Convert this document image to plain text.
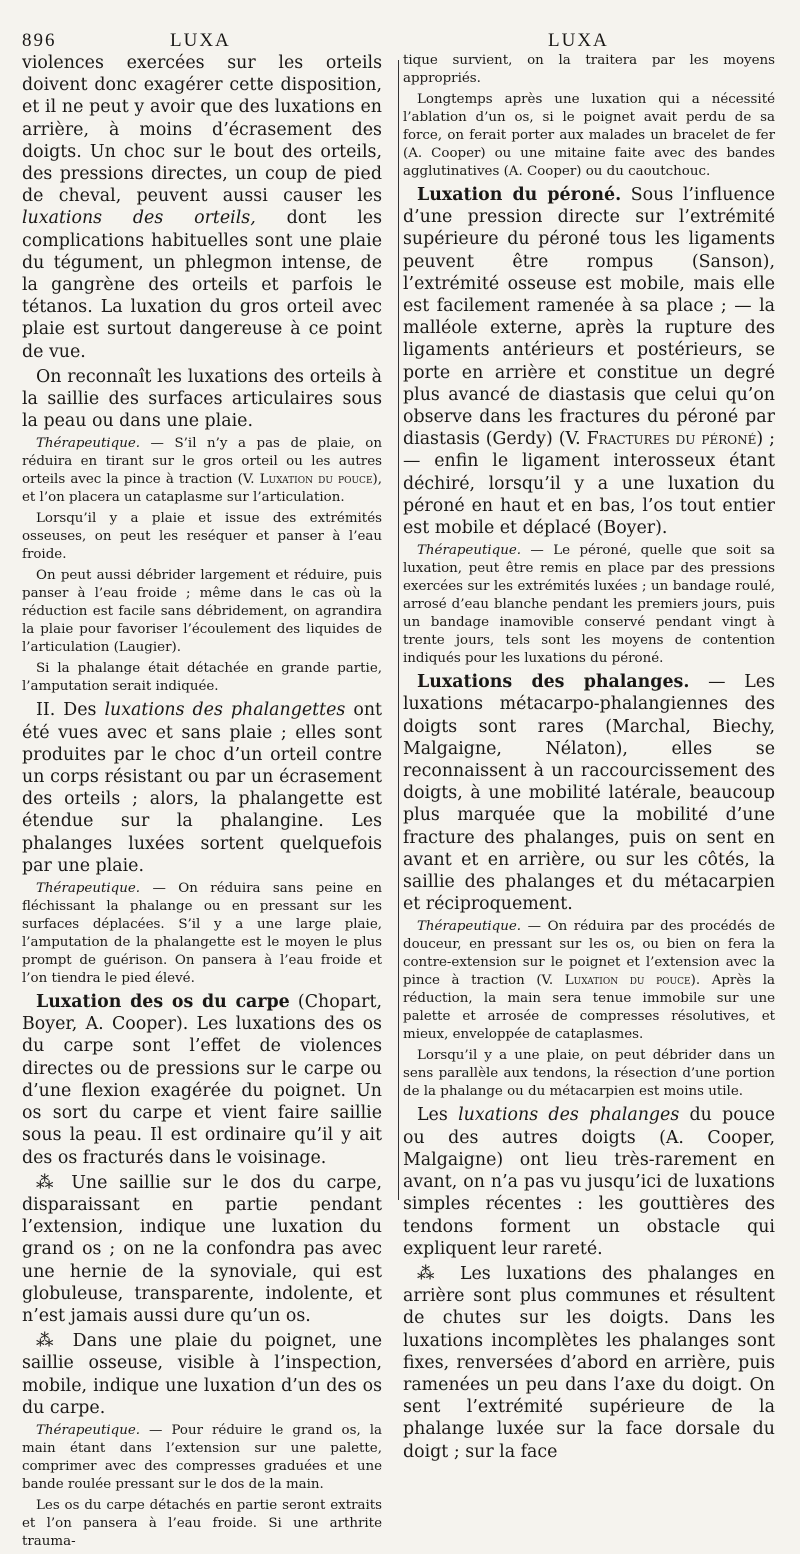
896	LUXA	LUXA

violences exercées sur les orteils doivent donc exagérer cette disposition, et il ne peut y avoir que des luxations en arrière, à moins d’écrasement des doigts. Un choc sur le bout des orteils, des pressions directes, un coup de pied de cheval, peuvent aussi causer les luxations des orteils, dont les complications habituelles sont une plaie du tégument, un phlegmon intense, de la gangrène des orteils et parfois le tétanos. La luxation du gros orteil avec plaie est surtout dangereuse à ce point de vue.

On reconnaît les luxations des orteils à la saillie des surfaces articulaires sous la peau ou dans une plaie.

Thérapeutique. — S’il n’y a pas de plaie, on réduira en tirant sur le gros orteil ou les autres orteils avec la pince à traction (V. Luxation du pouce), et l’on placera un cataplasme sur l’articulation.

Lorsqu’il y a plaie et issue des extrémités osseuses, on peut les reséquer et panser à l’eau froide.

On peut aussi débrider largement et réduire, puis panser à l’eau froide ; même dans le cas où la réduction est facile sans débridement, on agrandira la plaie pour favoriser l’écoulement des liquides de l’articulation (Laugier).

Si la phalange était détachée en grande partie, l’amputation serait indiquée.

II. Des luxations des phalangettes ont été vues avec et sans plaie ; elles sont produites par le choc d’un orteil contre un corps résistant ou par un écrasement des orteils ; alors, la phalangette est étendue sur la phalangine. Les phalanges luxées sortent quelquefois par une plaie.

Thérapeutique. — On réduira sans peine en fléchissant la phalange ou en pressant sur les surfaces déplacées. S’il y a une large plaie, l’amputation de la phalangette est le moyen le plus prompt de guérison. On pansera à l’eau froide et l’on tiendra le pied élevé.

Luxation des os du carpe (Chopart, Boyer, A. Cooper). Les luxations des os du carpe sont l’effet de violences directes ou de pressions sur le carpe ou d’une flexion exagérée du poignet. Un os sort du carpe et vient faire saillie sous la peau. Il est ordinaire qu’il y ait des os fracturés dans le voisinage.

⁂ Une saillie sur le dos du carpe, disparaissant en partie pendant l’extension, indique une luxation du grand os ; on ne la confondra pas avec une hernie de la synoviale, qui est globuleuse, transparente, indolente, et n’est jamais aussi dure qu’un os.

⁂ Dans une plaie du poignet, une saillie osseuse, visible à l’inspection, mobile, indique une luxation d’un des os du carpe.

Thérapeutique. — Pour réduire le grand os, la main étant dans l’extension sur une palette, comprimer avec des compresses graduées et une bande roulée pressant sur le dos de la main.

Les os du carpe détachés en partie seront extraits et l’on pansera à l’eau froide. Si une arthrite trauma-

tique survient, on la traitera par les moyens appropriés.

Longtemps après une luxation qui a nécessité l’ablation d’un os, si le poignet avait perdu de sa force, on ferait porter aux malades un bracelet de fer (A. Cooper) ou une mitaine faite avec des bandes agglutinatives (A. Cooper) ou du caoutchouc.

Luxation du péroné. Sous l’influence d’une pression directe sur l’extrémité supérieure du péroné tous les ligaments peuvent être rompus (Sanson), l’extrémité osseuse est mobile, mais elle est facilement ramenée à sa place ; — la malléole externe, après la rupture des ligaments antérieurs et postérieurs, se porte en arrière et constitue un degré plus avancé de diastasis que celui qu’on observe dans les fractures du péroné par diastasis (Gerdy) (V. Fractures du péroné) ; — enfin le ligament interosseux étant déchiré, lorsqu’il y a une luxation du péroné en haut et en bas, l’os tout entier est mobile et déplacé (Boyer).

Thérapeutique. — Le péroné, quelle que soit sa luxation, peut être remis en place par des pressions exercées sur les extrémités luxées ; un bandage roulé, arrosé d’eau blanche pendant les premiers jours, puis un bandage inamovible conservé pendant vingt à trente jours, tels sont les moyens de contention indiqués pour les luxations du péroné.

Luxations des phalanges. — Les luxations métacarpo-phalangiennes des doigts sont rares (Marchal, Biechy, Malgaigne, Nélaton), elles se reconnaissent à un raccourcissement des doigts, à une mobilité latérale, beaucoup plus marquée que la mobilité d’une fracture des phalanges, puis on sent en avant et en arrière, ou sur les côtés, la saillie des phalanges et du métacarpien et réciproquement.

Thérapeutique. — On réduira par des procédés de douceur, en pressant sur les os, ou bien on fera la contre-extension sur le poignet et l’extension avec la pince à traction (V. Luxation du pouce). Après la réduction, la main sera tenue immobile sur une palette et arrosée de compresses résolutives, et mieux, enveloppée de cataplasmes.

Lorsqu’il y a une plaie, on peut débrider dans un sens parallèle aux tendons, la résection d’une portion de la phalange ou du métacarpien est moins utile.

Les luxations des phalanges du pouce ou des autres doigts (A. Cooper, Malgaigne) ont lieu très-rarement en avant, on n’a pas vu jusqu’ici de luxations simples récentes : les gouttières des tendons forment un obstacle qui expliquent leur rareté.

⁂ Les luxations des phalanges en arrière sont plus communes et résultent de chutes sur les doigts. Dans les luxations incomplètes les phalanges sont fixes, renversées d’abord en arrière, puis ramenées un peu dans l’axe du doigt. On sent l’extrémité supérieure de la phalange luxée sur la face dorsale du doigt ; sur la face
